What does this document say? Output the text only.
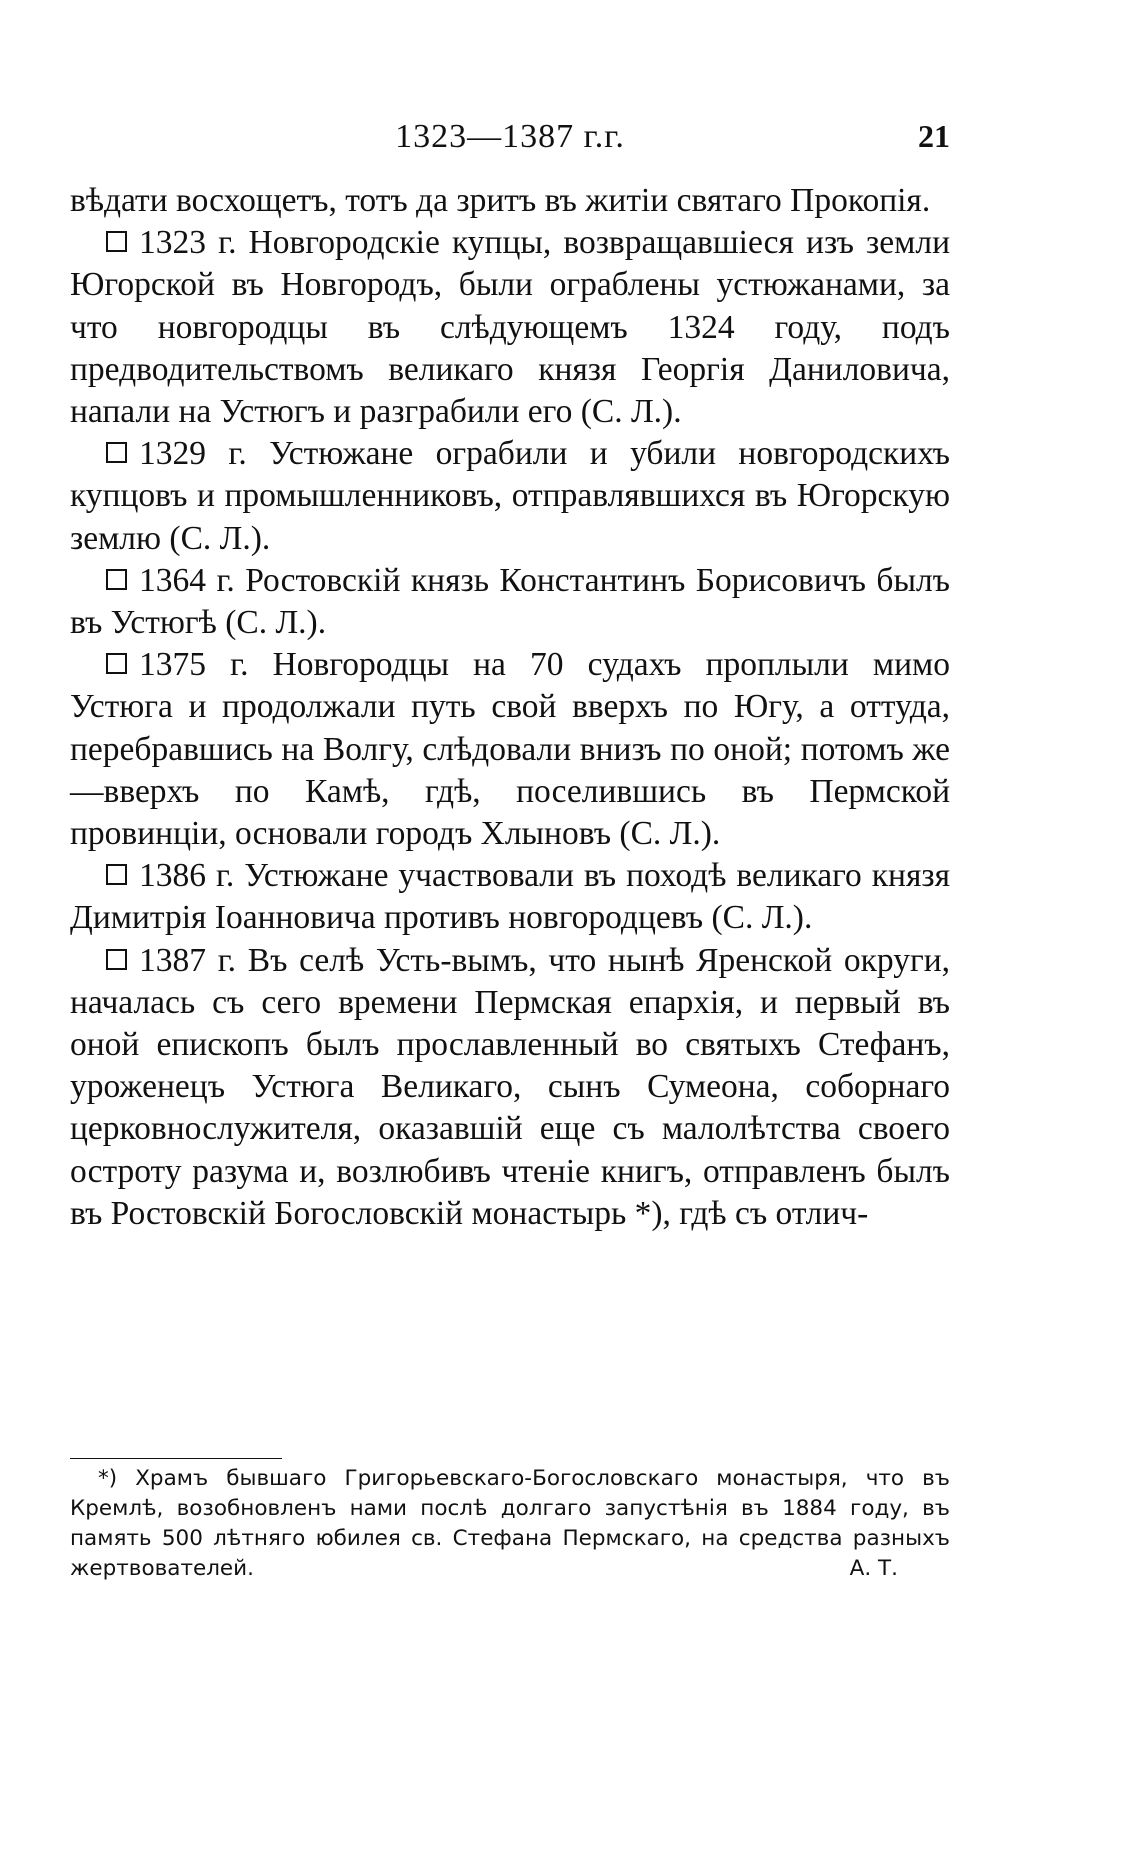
1323—1387 г.г.	21

вѣдати восхощетъ, тотъ да зритъ въ житiи святаго Прокопiя.

1323 г. Новгородскiе купцы, возвращавшiеся изъ земли Югорской въ Новгородъ, были ограблены устюжанами, за что новгородцы въ слѣдующемъ 1324 году, подъ предводительствомъ великаго князя Георгiя Даниловича, напали на Устюгъ и разграбили его (С. Л.).

1329 г. Устюжане ограбили и убили новгородскихъ купцовъ и промышленниковъ, отправлявшихся въ Югорскую землю (С. Л.).

1364 г. Ростовскiй князь Константинъ Борисовичъ былъ въ Устюгѣ (С. Л.).

1375 г. Новгородцы на 70 судахъ проплыли мимо Устюга и продолжали путь свой вверхъ по Югу, а оттуда, перебравшись на Волгу, слѣдовали внизъ по оной; потомъ же—вверхъ по Камѣ, гдѣ, поселившись въ Пермской провинцiи, основали городъ Хлыновъ (С. Л.).

1386 г. Устюжане участвовали въ походѣ великаго князя Димитрiя Iоанновича противъ новгородцевъ (С. Л.).

1387 г. Въ селѣ Усть-вымъ, что нынѣ Яренской округи, началась съ сего времени Пермская епархiя, и первый въ оной епископъ былъ прославленный во святыхъ Стефанъ, уроженецъ Устюга Великаго, сынъ Сумеона, соборнаго церковнослужителя, оказавшiй еще съ малолѣтства своего остроту разума и, возлюбивъ чтенiе книгъ, отправленъ былъ въ Ростовскiй Богословскiй монастырь *), гдѣ съ отлич-

*) Храмъ бывшаго Григорьевскаго-Богословскаго монастыря, что въ Кремлѣ, возобновленъ нами послѣ долгаго запустѣнiя въ 1884 году, въ память 500 лѣтняго юбилея св. Стефана Пермскаго, на средства разныхъ жертвователей.	А. Т.
